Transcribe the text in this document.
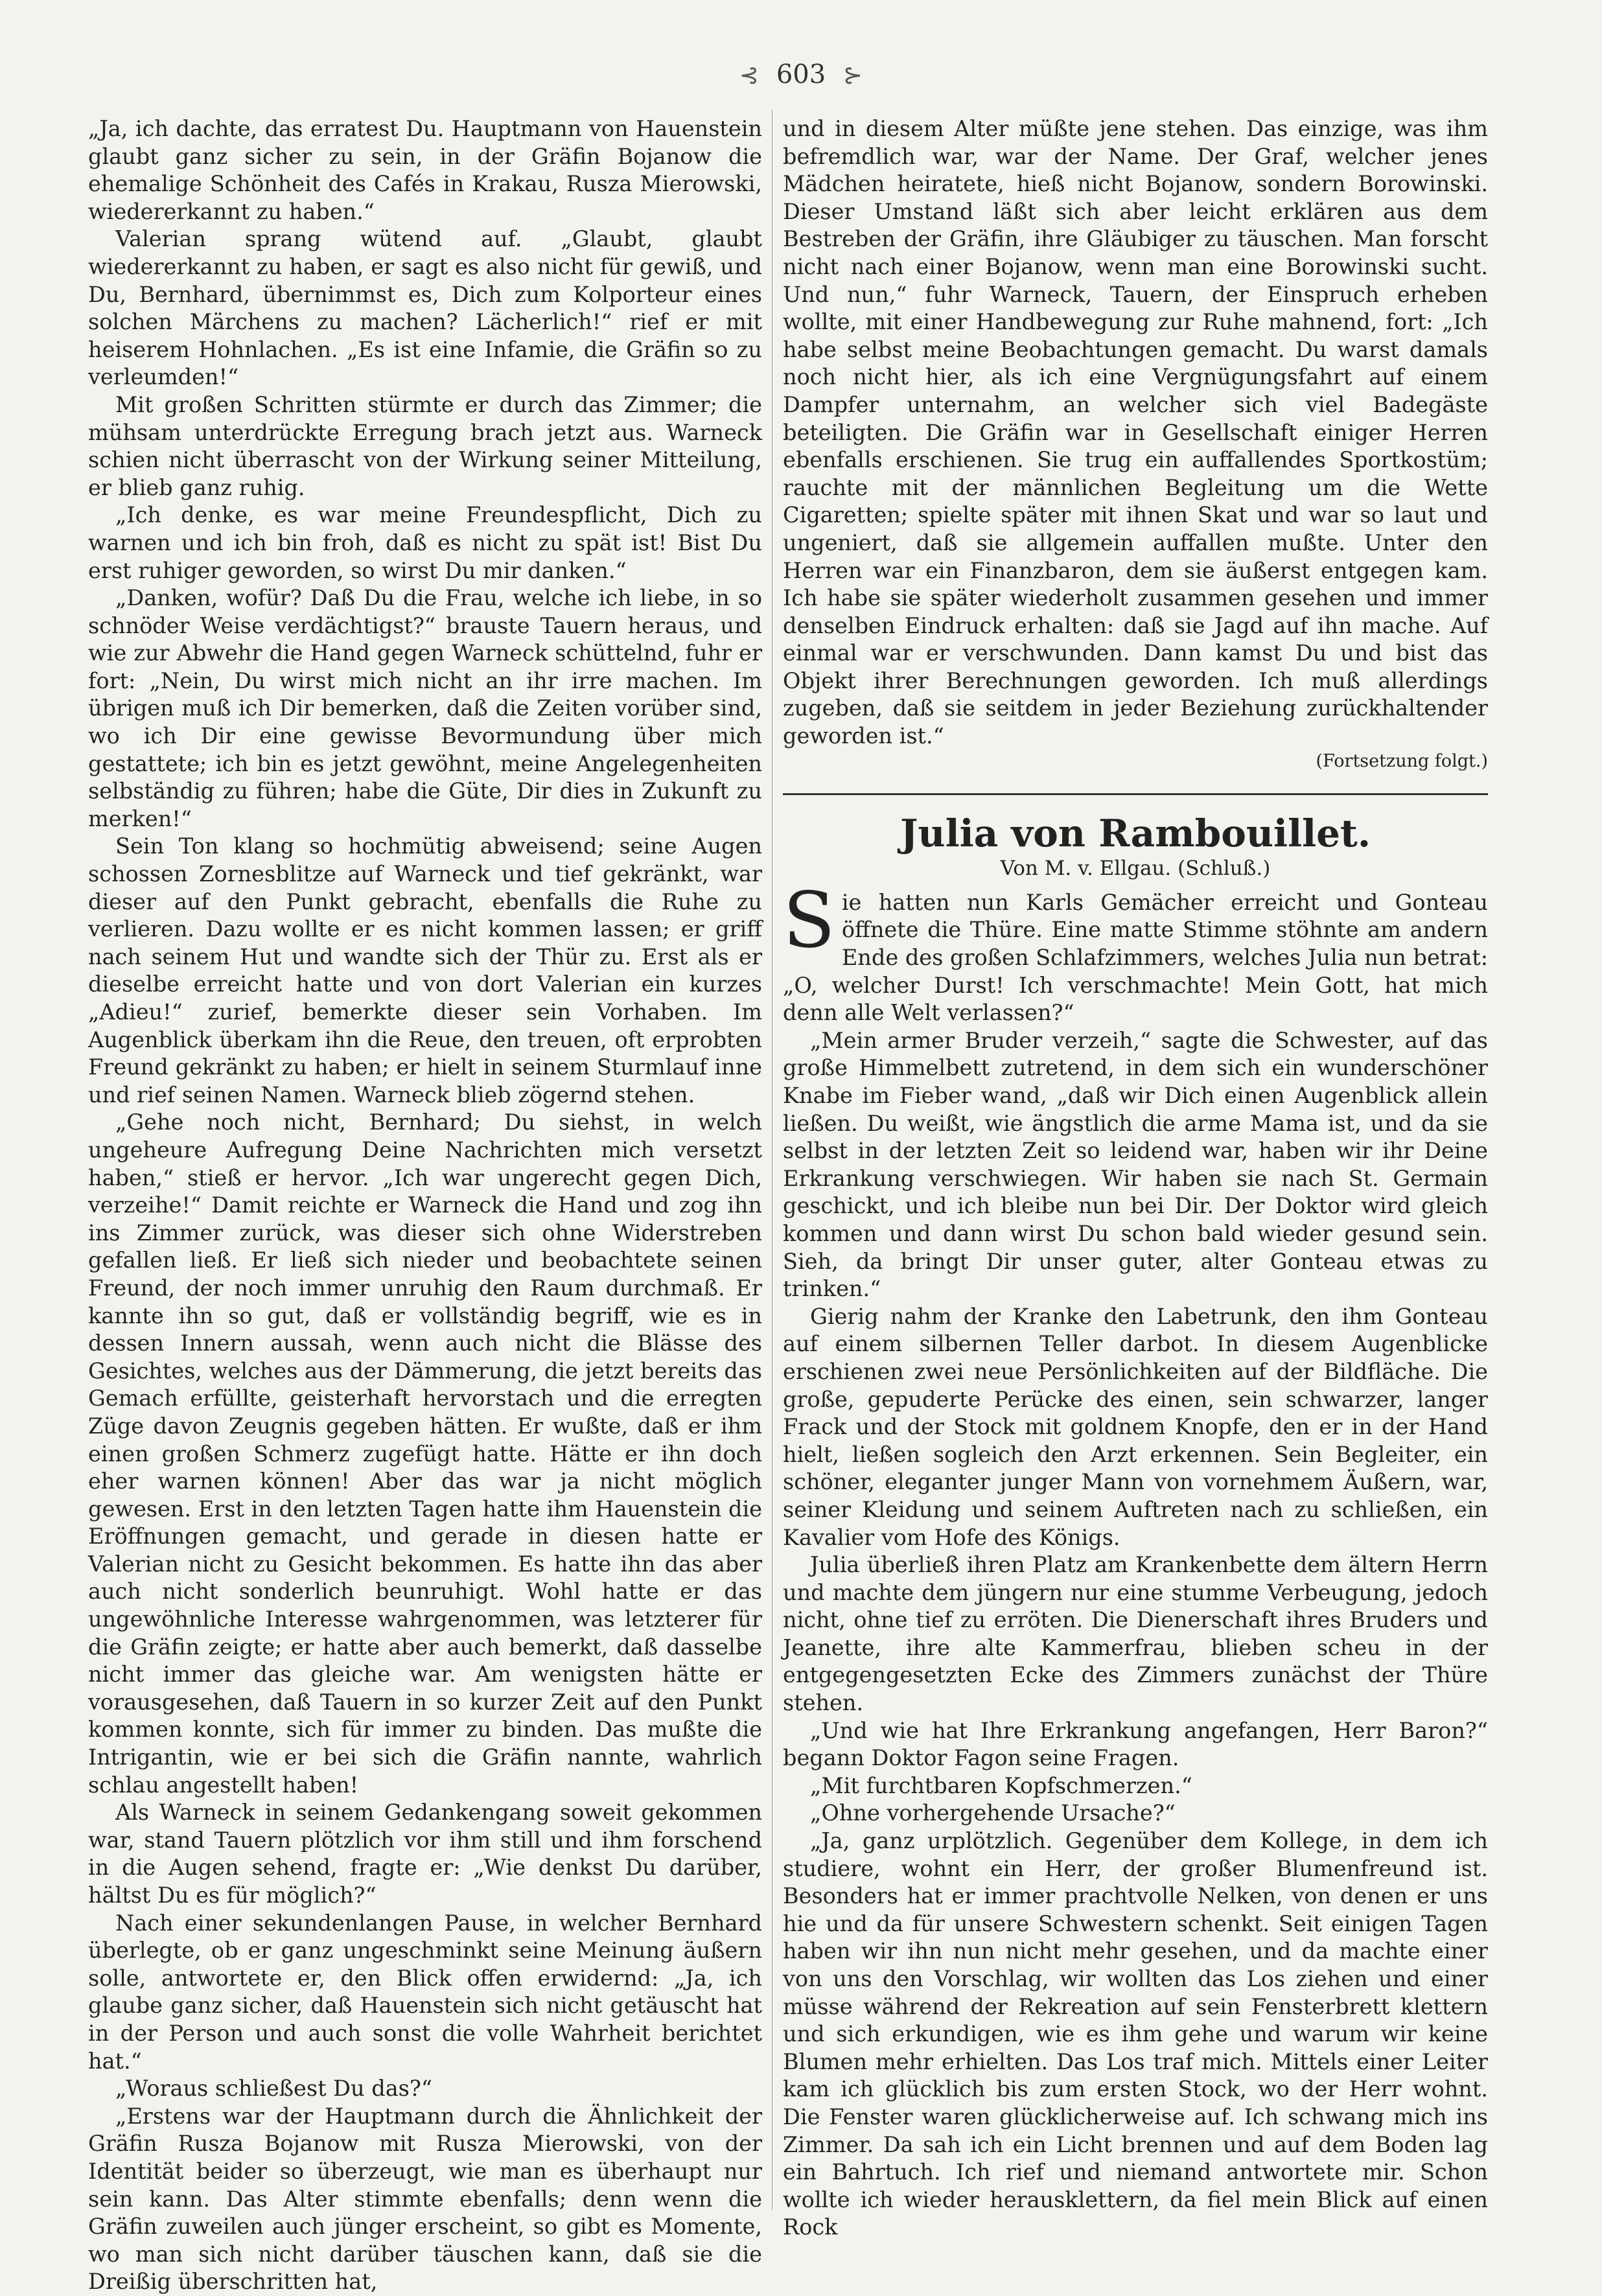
⊰ 603 ⊱

„Ja, ich dachte, das erratest Du. Hauptmann von Hauenstein glaubt ganz sicher zu sein, in der Gräfin Bojanow die ehemalige Schönheit des Cafés in Krakau, Rusza Mierowski, wiedererkannt zu haben.“

Valerian sprang wütend auf. „Glaubt, glaubt wiedererkannt zu haben, er sagt es also nicht für gewiß, und Du, Bernhard, übernimmst es, Dich zum Kolporteur eines solchen Märchens zu machen? Lächerlich!“ rief er mit heiserem Hohnlachen. „Es ist eine Infamie, die Gräfin so zu verleumden!“

Mit großen Schritten stürmte er durch das Zimmer; die mühsam unterdrückte Erregung brach jetzt aus. Warneck schien nicht überrascht von der Wirkung seiner Mitteilung, er blieb ganz ruhig.

„Ich denke, es war meine Freundespflicht, Dich zu warnen und ich bin froh, daß es nicht zu spät ist! Bist Du erst ruhiger geworden, so wirst Du mir danken.“

„Danken, wofür? Daß Du die Frau, welche ich liebe, in so schnöder Weise verdächtigst?“ brauste Tauern heraus, und wie zur Abwehr die Hand gegen Warneck schüttelnd, fuhr er fort: „Nein, Du wirst mich nicht an ihr irre machen. Im übrigen muß ich Dir bemerken, daß die Zeiten vorüber sind, wo ich Dir eine gewisse Bevormundung über mich gestattete; ich bin es jetzt gewöhnt, meine Angelegenheiten selbständig zu führen; habe die Güte, Dir dies in Zukunft zu merken!“

Sein Ton klang so hochmütig abweisend; seine Augen schossen Zornesblitze auf Warneck und tief gekränkt, war dieser auf den Punkt gebracht, ebenfalls die Ruhe zu verlieren. Dazu wollte er es nicht kommen lassen; er griff nach seinem Hut und wandte sich der Thür zu. Erst als er dieselbe erreicht hatte und von dort Valerian ein kurzes „Adieu!“ zurief, bemerkte dieser sein Vorhaben. Im Augenblick überkam ihn die Reue, den treuen, oft erprobten Freund gekränkt zu haben; er hielt in seinem Sturmlauf inne und rief seinen Namen. Warneck blieb zögernd stehen.

„Gehe noch nicht, Bernhard; Du siehst, in welch ungeheure Aufregung Deine Nachrichten mich versetzt haben,“ stieß er hervor. „Ich war ungerecht gegen Dich, verzeihe!“ Damit reichte er Warneck die Hand und zog ihn ins Zimmer zurück, was dieser sich ohne Widerstreben gefallen ließ. Er ließ sich nieder und beobachtete seinen Freund, der noch immer unruhig den Raum durchmaß. Er kannte ihn so gut, daß er vollständig begriff, wie es in dessen Innern aussah, wenn auch nicht die Blässe des Gesichtes, welches aus der Dämmerung, die jetzt bereits das Gemach erfüllte, geisterhaft hervorstach und die erregten Züge davon Zeugnis gegeben hätten. Er wußte, daß er ihm einen großen Schmerz zugefügt hatte. Hätte er ihn doch eher warnen können! Aber das war ja nicht möglich gewesen. Erst in den letzten Tagen hatte ihm Hauenstein die Eröffnungen gemacht, und gerade in diesen hatte er Valerian nicht zu Gesicht bekommen. Es hatte ihn das aber auch nicht sonderlich beunruhigt. Wohl hatte er das ungewöhnliche Interesse wahrgenommen, was letzterer für die Gräfin zeigte; er hatte aber auch bemerkt, daß dasselbe nicht immer das gleiche war. Am wenigsten hätte er vorausgesehen, daß Tauern in so kurzer Zeit auf den Punkt kommen konnte, sich für immer zu binden. Das mußte die Intrigantin, wie er bei sich die Gräfin nannte, wahrlich schlau angestellt haben!

Als Warneck in seinem Gedankengang soweit gekommen war, stand Tauern plötzlich vor ihm still und ihm forschend in die Augen sehend, fragte er: „Wie denkst Du darüber, hältst Du es für möglich?“

Nach einer sekundenlangen Pause, in welcher Bernhard überlegte, ob er ganz ungeschminkt seine Meinung äußern solle, antwortete er, den Blick offen erwidernd: „Ja, ich glaube ganz sicher, daß Hauenstein sich nicht getäuscht hat in der Person und auch sonst die volle Wahrheit berichtet hat.“

„Woraus schließest Du das?“

„Erstens war der Hauptmann durch die Ähnlichkeit der Gräfin Rusza Bojanow mit Rusza Mierowski, von der Identität beider so überzeugt, wie man es überhaupt nur sein kann. Das Alter stimmte ebenfalls; denn wenn die Gräfin zuweilen auch jünger erscheint, so gibt es Momente, wo man sich nicht darüber täuschen kann, daß sie die Dreißig überschritten hat,

und in diesem Alter müßte jene stehen. Das einzige, was ihm befremdlich war, war der Name. Der Graf, welcher jenes Mädchen heiratete, hieß nicht Bojanow, sondern Borowinski. Dieser Umstand läßt sich aber leicht erklären aus dem Bestreben der Gräfin, ihre Gläubiger zu täuschen. Man forscht nicht nach einer Bojanow, wenn man eine Borowinski sucht. Und nun,“ fuhr Warneck, Tauern, der Einspruch erheben wollte, mit einer Handbewegung zur Ruhe mahnend, fort: „Ich habe selbst meine Beobachtungen gemacht. Du warst damals noch nicht hier, als ich eine Vergnügungsfahrt auf einem Dampfer unternahm, an welcher sich viel Badegäste beteiligten. Die Gräfin war in Gesellschaft einiger Herren ebenfalls erschienen. Sie trug ein auffallendes Sportkostüm; rauchte mit der männlichen Begleitung um die Wette Cigaretten; spielte später mit ihnen Skat und war so laut und ungeniert, daß sie allgemein auffallen mußte. Unter den Herren war ein Finanzbaron, dem sie äußerst entgegen kam. Ich habe sie später wiederholt zusammen gesehen und immer denselben Eindruck erhalten: daß sie Jagd auf ihn mache. Auf einmal war er verschwunden. Dann kamst Du und bist das Objekt ihrer Berechnungen geworden. Ich muß allerdings zugeben, daß sie seitdem in jeder Beziehung zurückhaltender geworden ist.“

(Fortsetzung folgt.)
Julia von Rambouillet.
Von M. v. Ellgau. (Schluß.)

Sie hatten nun Karls Gemächer erreicht und Gonteau öffnete die Thüre. Eine matte Stimme stöhnte am andern Ende des großen Schlafzimmers, welches Julia nun betrat: „O, welcher Durst! Ich verschmachte! Mein Gott, hat mich denn alle Welt verlassen?“

„Mein armer Bruder verzeih,“ sagte die Schwester, auf das große Himmelbett zutretend, in dem sich ein wunderschöner Knabe im Fieber wand, „daß wir Dich einen Augenblick allein ließen. Du weißt, wie ängstlich die arme Mama ist, und da sie selbst in der letzten Zeit so leidend war, haben wir ihr Deine Erkrankung verschwiegen. Wir haben sie nach St. Germain geschickt, und ich bleibe nun bei Dir. Der Doktor wird gleich kommen und dann wirst Du schon bald wieder gesund sein. Sieh, da bringt Dir unser guter, alter Gonteau etwas zu trinken.“

Gierig nahm der Kranke den Labetrunk, den ihm Gonteau auf einem silbernen Teller darbot. In diesem Augenblicke erschienen zwei neue Persönlichkeiten auf der Bildfläche. Die große, gepuderte Perücke des einen, sein schwarzer, langer Frack und der Stock mit goldnem Knopfe, den er in der Hand hielt, ließen sogleich den Arzt erkennen. Sein Begleiter, ein schöner, eleganter junger Mann von vornehmem Äußern, war, seiner Kleidung und seinem Auftreten nach zu schließen, ein Kavalier vom Hofe des Königs.

Julia überließ ihren Platz am Krankenbette dem ältern Herrn und machte dem jüngern nur eine stumme Verbeugung, jedoch nicht, ohne tief zu erröten. Die Dienerschaft ihres Bruders und Jeanette, ihre alte Kammerfrau, blieben scheu in der entgegengesetzten Ecke des Zimmers zunächst der Thüre stehen.

„Und wie hat Ihre Erkrankung angefangen, Herr Baron?“ begann Doktor Fagon seine Fragen.

„Mit furchtbaren Kopfschmerzen.“

„Ohne vorhergehende Ursache?“

„Ja, ganz urplötzlich. Gegenüber dem Kollege, in dem ich studiere, wohnt ein Herr, der großer Blumenfreund ist. Besonders hat er immer prachtvolle Nelken, von denen er uns hie und da für unsere Schwestern schenkt. Seit einigen Tagen haben wir ihn nun nicht mehr gesehen, und da machte einer von uns den Vorschlag, wir wollten das Los ziehen und einer müsse während der Rekreation auf sein Fensterbrett klettern und sich erkundigen, wie es ihm gehe und warum wir keine Blumen mehr erhielten. Das Los traf mich. Mittels einer Leiter kam ich glücklich bis zum ersten Stock, wo der Herr wohnt. Die Fenster waren glücklicherweise auf. Ich schwang mich ins Zimmer. Da sah ich ein Licht brennen und auf dem Boden lag ein Bahrtuch. Ich rief und niemand antwortete mir. Schon wollte ich wieder herausklettern, da fiel mein Blick auf einen Rock
